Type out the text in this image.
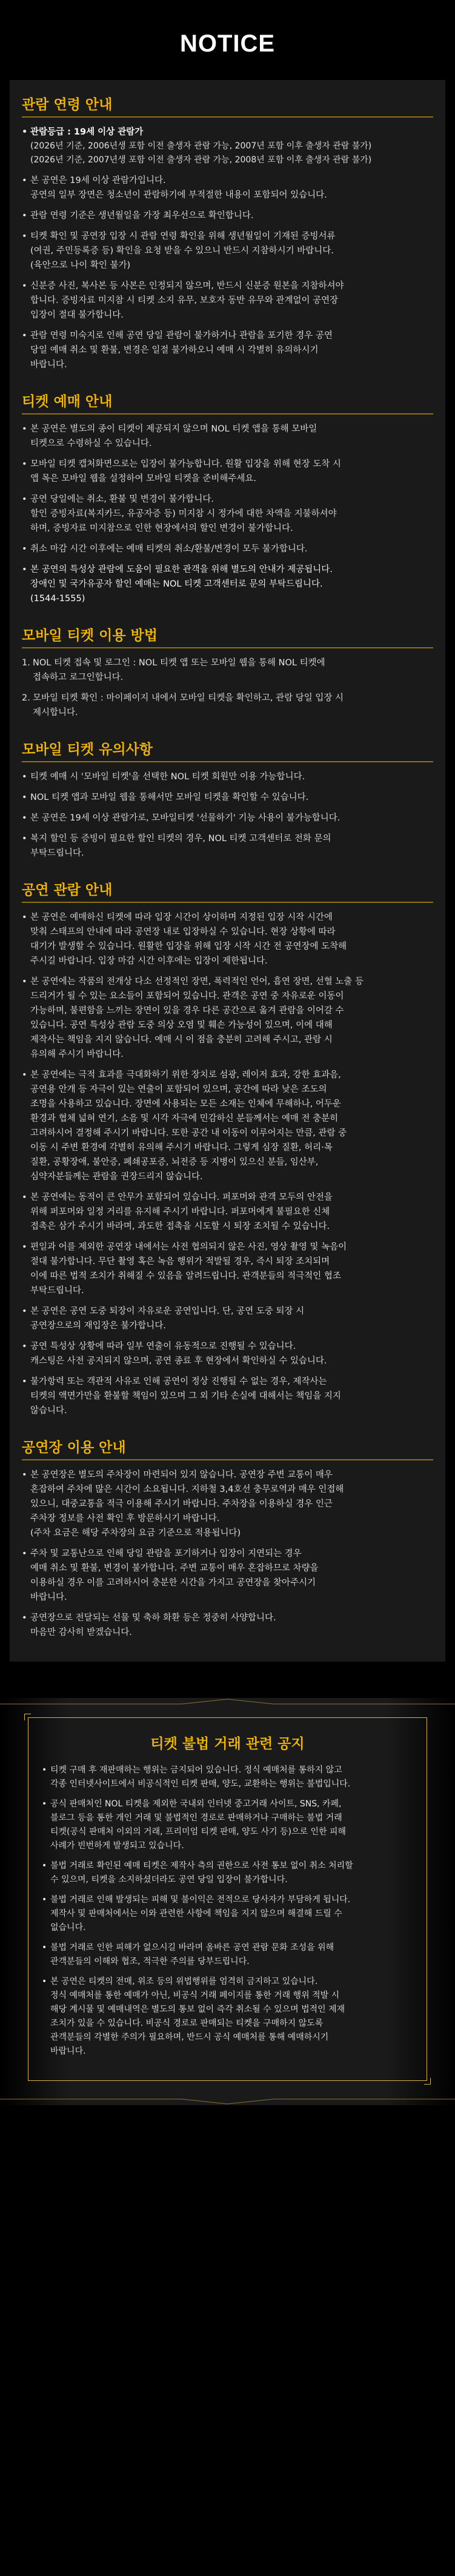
NOTICE
관람 연령 안내
• 관람등급 : 19세 이상 관람가
(2026년 기준, 2006년생 포함 이전 출생자 관람 가능, 2007년 포함 이후 출생자 관람 불가)
(2026년 기준, 2007년생 포함 이전 출생자 관람 가능, 2008년 포함 이후 출생자 관람 불가)
• 본 공연은 19세 이상 관람가입니다.
공연의 일부 장면은 청소년이 관람하기에 부적절한 내용이 포함되어 있습니다.
• 관람 연령 기준은 생년월일을 가장 최우선으로 확인합니다.
• 티켓 확인 및 공연장 입장 시 관람 연령 확인을 위해 생년월일이 기재된 증빙서류
(여권, 주민등록증 등) 확인을 요청 받을 수 있으니 반드시 지참하시기 바랍니다.
(육안으로 나이 확인 불가)
• 신분증 사진, 복사본 등 사본은 인정되지 않으며, 반드시 신분증 원본을 지참하셔야
합니다. 증빙자료 미지참 시 티켓 소지 유무, 보호자 동반 유무와 관계없이 공연장
입장이 절대 불가합니다.
• 관람 연령 미숙지로 인해 공연 당일 관람이 불가하거나 관람을 포기한 경우 공연
당일 예매 취소 및 환불, 변경은 일절 불가하오니 예매 시 각별히 유의하시기
바랍니다.
티켓 예매 안내
• 본 공연은 별도의 종이 티켓이 제공되지 않으며 NOL 티켓 앱을 통해 모바일
티켓으로 수령하실 수 있습니다.
• 모바일 티켓 캡처화면으로는 입장이 불가능합니다. 원활 입장을 위해 현장 도착 시
앱 목은 모바일 웹을 설정하여 모바일 티켓을 준비해주세요.
• 공연 당일에는 취소, 환불 및 변경이 불가합니다.
할인 증빙자료(복지카드, 유공자증 등) 미지참 시 정가에 대한 차액을 지불하셔야
하며, 증빙자료 미지참으로 인한 현장에서의 할인 변경이 불가합니다.
• 취소 마감 시간 이후에는 예매 티켓의 취소/환불/변경이 모두 불가합니다.
• 본 공연의 특성상 관람에 도움이 필요한 관객을 위해 별도의 안내가 제공됩니다.
장애인 및 국가유공자 할인 예매는 NOL 티켓 고객센터로 문의 부탁드립니다.
(1544-1555)
모바일 티켓 이용 방법
1. NOL 티켓 접속 및 로그인 : NOL 티켓 앱 또는 모바일 웹을 통해 NOL 티켓에
접속하고 로그인합니다.
2. 모바일 티켓 확인 : 마이페이지 내에서 모바일 티켓을 확인하고, 관람 당일 입장 시
제시합니다.
모바일 티켓 유의사항
• 티켓 예매 시 '모바일 티켓'을 선택한 NOL 티켓 회원만 이용 가능합니다.
• NOL 티켓 앱과 모바일 웹을 통해서만 모바일 티켓을 확인할 수 있습니다.
• 본 공연은 19세 이상 관람가로, 모바일티켓 '선물하기' 기능 사용이 불가능합니다.
• 복지 할인 등 증빙이 필요한 할인 티켓의 경우, NOL 티켓 고객센터로 전화 문의
부탁드립니다.
공연 관람 안내
• 본 공연은 예매하신 티켓에 따라 입장 시간이 상이하며 지정된 입장 시작 시간에
맞춰 스태프의 안내에 따라 공연장 내로 입장하실 수 있습니다. 현장 상황에 따라
대기가 발생할 수 있습니다. 원활한 입장을 위해 입장 시작 시간 전 공연장에 도착해
주시길 바랍니다. 입장 마감 시간 이후에는 입장이 제한됩니다.
• 본 공연에는 작품의 전개상 다소 선정적인 장면, 폭력적인 언어, 흡연 장면, 선혈 노출 등
드리거가 될 수 있는 요소들이 포함되어 있습니다. 관객은 공연 중 자유로운 이동이
가능하며, 불편함을 느끼는 장면이 있을 경우 다른 공간으로 옮겨 관람을 이어갈 수
있습니다. 공연 특성상 관람 도중 의상 오염 및 훼손 가능성이 있으며, 이에 대해
제작사는 책임을 지지 않습니다. 예매 시 이 점을 충분히 고려해 주시고, 관람 시
유의해 주시기 바랍니다.
• 본 공연에는 극적 효과를 극대화하기 위한 장치로 섬광, 레이저 효과, 강한 효과음,
공연용 안개 등 자극이 있는 연출이 포함되어 있으며, 공간에 따라 낮은 조도의
조명을 사용하고 있습니다. 장면에 사용되는 모든 소재는 인체에 무해하나, 어두운
환경과 협체 넓혀 연기, 소음 및 시각 자극에 민감하신 분들께서는 예매 전 충분히
고려하시어 결정해 주시기 바랍니다. 또한 공간 내 이동이 이루어지는 만큼, 관람 중
이동 시 주변 환경에 각별히 유의해 주시기 바랍니다. 그렇게 심장 질환, 허리·목
질환, 공황장애, 불안증, 폐쇄공포증, 뇌전증 등 지병이 있으신 분들, 임산부,
심약자분들께는 관람을 권장드리지 않습니다.
• 본 공연에는 동적이 큰 안무가 포함되어 있습니다. 퍼포머와 관객 모두의 안전을
위해 퍼포머와 일정 거리를 유지해 주시기 바랍니다. 퍼포머에게 불필요한 신체
접촉은 삼가 주시기 바라며, 과도한 접촉을 시도할 시 퇴장 조치될 수 있습니다.
• 편일과 어를 제외한 공연장 내에서는 사전 협의되지 않은 사진, 영상 촬영 및 녹음이
절대 불가합니다. 무단 촬영 혹은 녹음 행위가 적발될 경우, 즉시 퇴장 조치되며
이에 따른 법적 조치가 취해질 수 있음을 알려드립니다. 관객분들의 적극적인 협조
부탁드립니다.
• 본 공연은 공연 도중 퇴장이 자유로운 공연입니다. 단, 공연 도중 퇴장 시
공연장으로의 재입장은 불가합니다.
• 공연 특성상 상황에 따라 일부 연출이 유동적으로 진행될 수 있습니다.
캐스팅은 사전 공지되지 않으며, 공연 종료 후 현장에서 확인하실 수 있습니다.
• 불가항력 또는 객관적 사유로 인해 공연이 정상 진행될 수 없는 경우, 제작사는
티켓의 액면가만을 환불할 책임이 있으며 그 외 기타 손실에 대해서는 책임을 지지
않습니다.
공연장 이용 안내
• 본 공연장은 별도의 주차장이 마련되어 있지 않습니다. 공연장 주변 교통이 매우
혼잡하여 주차에 많은 시간이 소요됩니다. 지하철 3,4호선 충무로역과 매우 인접해
있으니, 대중교통을 적극 이용해 주시기 바랍니다. 주차장을 이용하실 경우 인근
주차장 정보를 사전 확인 후 방문하시기 바랍니다.
(주차 요금은 해당 주차장의 요금 기준으로 적용됩니다)
• 주차 및 교통난으로 인해 당일 관람을 포기하거나 입장이 지연되는 경우
예매 취소 및 환불, 변경이 불가합니다. 주변 교통이 매우 혼잡하므로 차량을
이용하실 경우 이를 고려하시어 충분한 시간을 가지고 공연장을 찾아주시기
바랍니다.
• 공연장으로 전달되는 선물 및 축하 화환 등은 정중히 사양합니다.
마음만 감사히 받겠습니다.
티켓 불법 거래 관련 공지
• 티켓 구매 후 재판매하는 행위는 금지되어 있습니다. 정식 예매처를 통하지 않고
각종 인터넷사이트에서 비공식적인 티켓 판매, 양도, 교환하는 행위는 불법입니다.
• 공식 판매처인 NOL 티켓을 제외한 국내외 인터넷 중고거래 사이트, SNS, 카페,
블로그 등을 통한 개인 거래 및 불법적인 경로로 판매하거나 구매하는 불법 거래
티켓(공식 판매처 이외의 거래, 프리미엄 티켓 판매, 양도 사기 등)으로 인한 피해
사례가 빈번하게 발생되고 있습니다.
• 불법 거래로 확인된 예매 티켓은 제작사 측의 권한으로 사전 통보 없이 취소 처리할
수 있으며, 티켓을 소지하셨더라도 공연 당일 입장이 불가합니다.
• 불법 거래로 인해 발생되는 피해 및 불이익은 전적으로 당사자가 부담하게 됩니다.
제작사 및 판매처에서는 이와 관련한 사항에 책임을 지지 않으며 해결해 드릴 수
없습니다.
• 불법 거래로 인한 피해가 없으시길 바라며 올바른 공연 관람 문화 조성을 위해
관객분들의 이해와 협조, 적극한 주의를 당부드립니다.
• 본 공연은 티켓의 전매, 위조 등의 위법행위를 엄격히 금지하고 있습니다.
정식 예매처를 통한 예매가 아닌, 비공식 거래 페이지를 통한 거래 행위 적발 시
해당 계시물 및 예매내역은 별도의 통보 없이 즉각 취소될 수 있으며 법적인 제재
조치가 있을 수 있습니다. 비공식 경로로 판매되는 티켓을 구매하지 않도록
관객분들의 각별한 주의가 필요하며, 반드시 공식 예매처를 통해 예매하시기
바랍니다.
